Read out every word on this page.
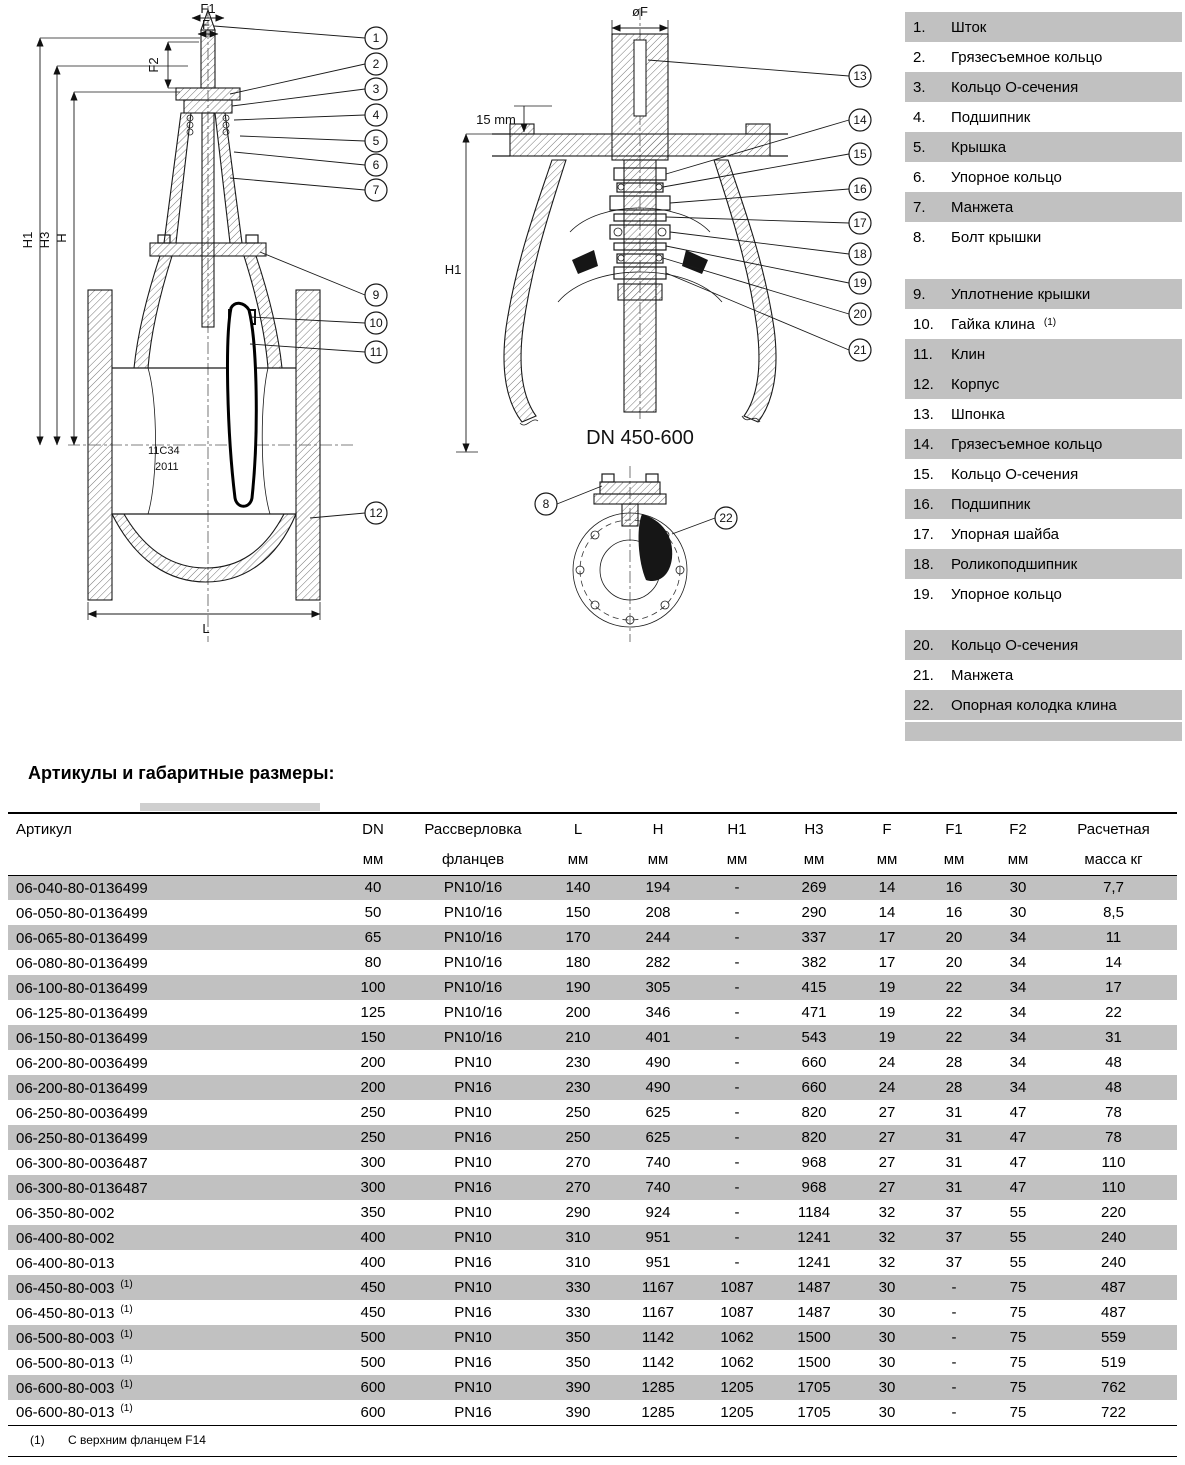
11C34
2011
F1
F
F2
H1 H3 H
L
1
2
3
4
5
6
7
9
10
11
12
øF
15 mm
H1
DN 450-600
13
14
15
16
17
18
19
20
21
8
22
1.	Шток
2.	Грязесъемное кольцо
3.	Кольцо О-сечения
4.	Подшипник
5.	Крышка
6.	Упорное кольцо
7.	Манжета
8.	Болт крышки
9.	Уплотнение крышки
10.	Гайка клина $^{(1)}$
11.	Клин
12.	Корпус
13.	Шпонка
14.	Грязесъемное кольцо
15.	Кольцо О-сечения
16.	Подшипник
17.	Упорная шайба
18.	Роликоподшипник
19.	Упорное кольцо
20.	Кольцо О-сечения
21.	Манжета
22.	Опорная колодка клина
Артикулы и габаритные размеры:
Артикул	DN	Рассверловка	L	H	H1	H3	F	F1	F2	Расчетная
	мм	фланцев	мм	мм	мм	мм	мм	мм	мм	масса кг
06-040-80-0136499	40	PN10/16	140	194	-	269	14	16	30	7,7
06-050-80-0136499	50	PN10/16	150	208	-	290	14	16	30	8,5
06-065-80-0136499	65	PN10/16	170	244	-	337	17	20	34	11
06-080-80-0136499	80	PN10/16	180	282	-	382	17	20	34	14
06-100-80-0136499	100	PN10/16	190	305	-	415	19	22	34	17
06-125-80-0136499	125	PN10/16	200	346	-	471	19	22	34	22
06-150-80-0136499	150	PN10/16	210	401	-	543	19	22	34	31
06-200-80-0036499	200	PN10	230	490	-	660	24	28	34	48
06-200-80-0136499	200	PN16	230	490	-	660	24	28	34	48
06-250-80-0036499	250	PN10	250	625	-	820	27	31	47	78
06-250-80-0136499	250	PN16	250	625	-	820	27	31	47	78
06-300-80-0036487	300	PN10	270	740	-	968	27	31	47	110
06-300-80-0136487	300	PN16	270	740	-	968	27	31	47	110
06-350-80-002	350	PN10	290	924	-	1184	32	37	55	220
06-400-80-002	400	PN10	310	951	-	1241	32	37	55	240
06-400-80-013	400	PN16	310	951	-	1241	32	37	55	240
06-450-80-003 $^{(1)}$	450	PN10	330	1167	1087	1487	30	-	75	487
06-450-80-013 $^{(1)}$	450	PN16	330	1167	1087	1487	30	-	75	487
06-500-80-003 $^{(1)}$	500	PN10	350	1142	1062	1500	30	-	75	559
06-500-80-013 $^{(1)}$	500	PN16	350	1142	1062	1500	30	-	75	519
06-600-80-003 $^{(1)}$	600	PN10	390	1285	1205	1705	30	-	75	762
06-600-80-013 $^{(1)}$	600	PN16	390	1285	1205	1705	30	-	75	722
(1) С верхним фланцем F14
